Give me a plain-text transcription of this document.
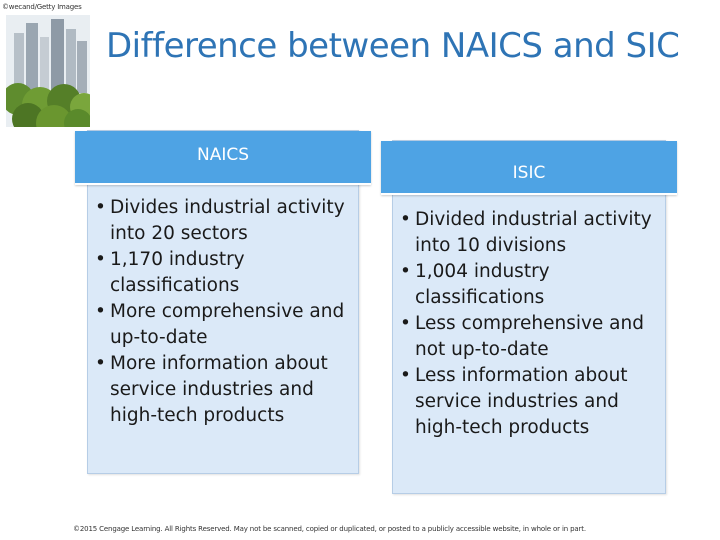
©wecand/Getty Images
Difference between NAICS and SIC
NAICS
• Divides industrial activity into 20 sectors
• 1,170 industry classifications
• More comprehensive and up-to-date
• More information about service industries and high-tech products
ISIC
• Divided industrial activity into 10 divisions
• 1,004 industry classifications
• Less comprehensive and not up-to-date
• Less information about service industries and high-tech products
©2015 Cengage Learning. All Rights Reserved. May not be scanned, copied or duplicated, or posted to a publicly accessible website, in whole or in part.
